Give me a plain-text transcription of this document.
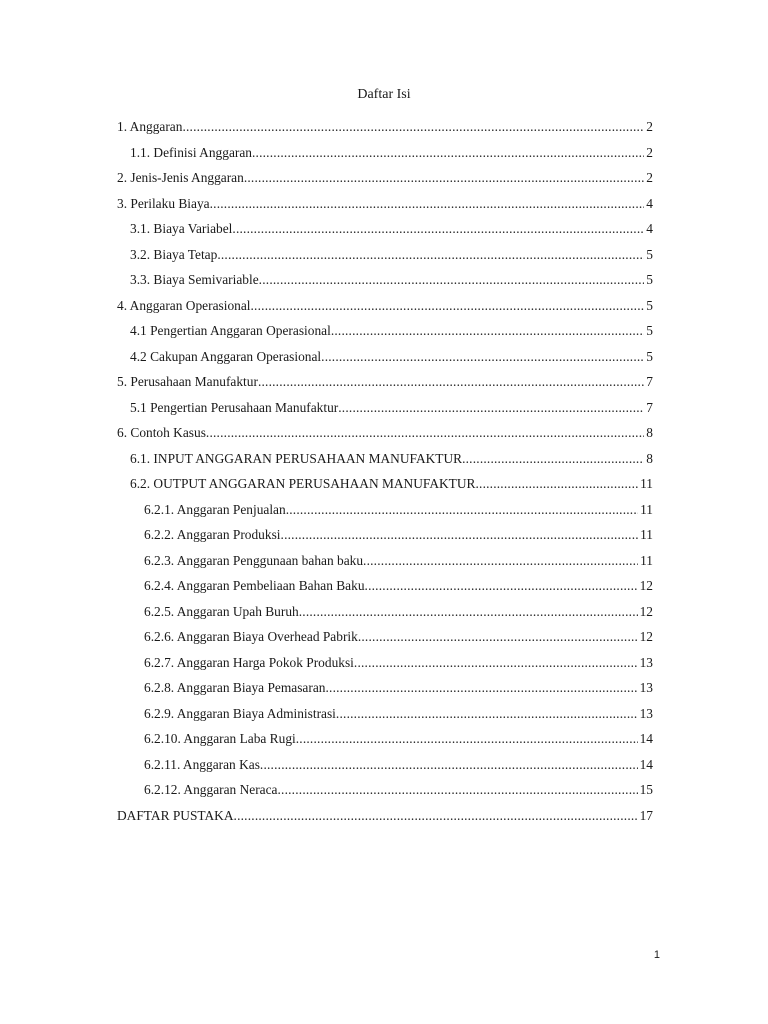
Daftar Isi
1. Anggaran .....	2
1.1. Definisi Anggaran .....	2
2. Jenis-Jenis Anggaran .....	2
3. Perilaku Biaya .....	4
3.1. Biaya Variabel .....	4
3.2. Biaya Tetap .....	5
3.3. Biaya Semivariable .....	5
4. Anggaran Operasional .....	5
4.1 Pengertian Anggaran Operasional .....	5
4.2 Cakupan Anggaran Operasional .....	5
5. Perusahaan Manufaktur .....	7
5.1 Pengertian Perusahaan Manufaktur .....	7
6. Contoh Kasus .....	8
6.1. INPUT ANGGARAN PERUSAHAAN MANUFAKTUR .....	8
6.2. OUTPUT ANGGARAN PERUSAHAAN MANUFAKTUR .....	11
6.2.1. Anggaran Penjualan .....	11
6.2.2. Anggaran Produksi .....	11
6.2.3. Anggaran Penggunaan bahan baku .....	11
6.2.4. Anggaran Pembeliaan Bahan Baku .....	12
6.2.5. Anggaran Upah Buruh .....	12
6.2.6. Anggaran Biaya Overhead Pabrik .....	12
6.2.7. Anggaran Harga Pokok Produksi .....	13
6.2.8. Anggaran Biaya Pemasaran .....	13
6.2.9. Anggaran Biaya Administrasi .....	13
6.2.10. Anggaran Laba Rugi .....	14
6.2.11. Anggaran Kas .....	14
6.2.12. Anggaran Neraca .....	15
DAFTAR PUSTAKA .....	17
1
